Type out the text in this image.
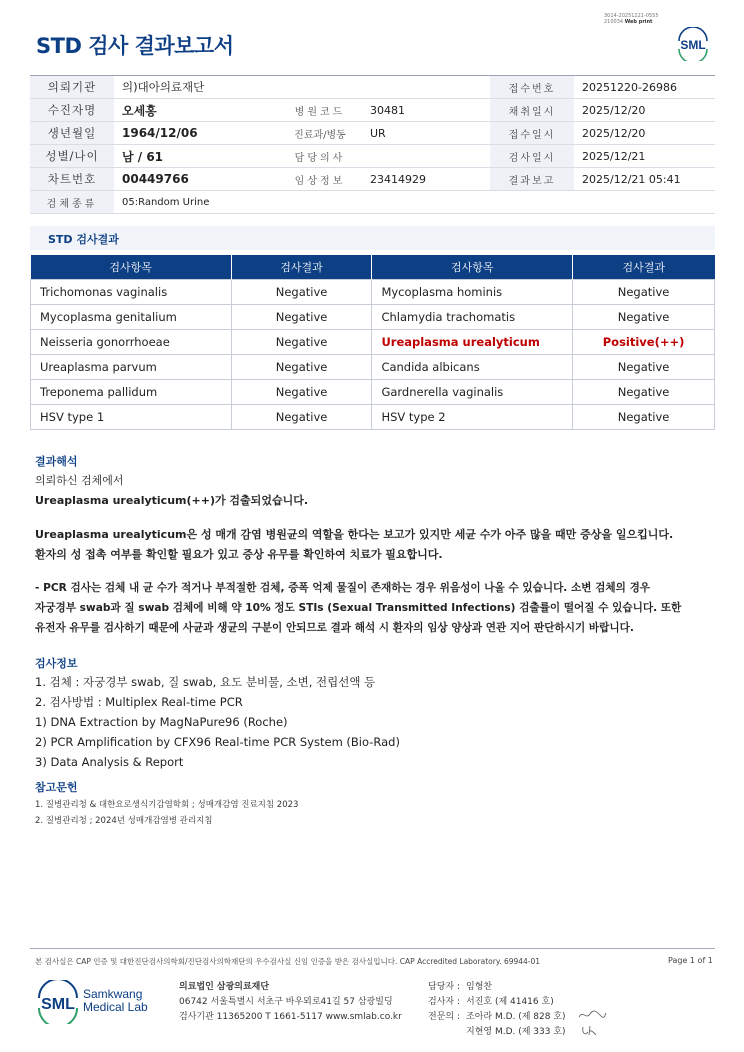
3014-20251221-0555
210034 Web print
STD 검사 결과보고서	SML
의뢰기관	의)대아의료재단			접수번호	20251220-26986
수진자명	오세홍	병원코드	30481	채취일시	2025/12/20
생년월일	1964/12/06	진료과/병동	UR	접수일시	2025/12/20
성별/나이	남 / 61	담당의사		검사일시	2025/12/21
차트번호	00449766	임상정보	23414929	결과보고	2025/12/21 05:41
검체종류	05:Random Urine				
STD 검사결과
검사항목	검사결과	검사항목	검사결과
Trichomonas vaginalis	Negative	Mycoplasma hominis	Negative
Mycoplasma genitalium	Negative	Chlamydia trachomatis	Negative
Neisseria gonorrhoeae	Negative	Ureaplasma urealyticum	Positive(++)
Ureaplasma parvum	Negative	Candida albicans	Negative
Treponema pallidum	Negative	Gardnerella vaginalis	Negative
HSV type 1	Negative	HSV type 2	Negative
결과해석
의뢰하신 검체에서
Ureaplasma urealyticum(++)가 검출되었습니다.
Ureaplasma urealyticum은 성 매개 감염 병원균의 역할을 한다는 보고가 있지만 세균 수가 아주 많을 때만 증상을 일으킵니다.
환자의 성 접촉 여부를 확인할 필요가 있고 증상 유무를 확인하여 치료가 필요합니다.
- PCR 검사는 검체 내 균 수가 적거나 부적절한 검체, 증폭 억제 물질이 존재하는 경우 위음성이 나올 수 있습니다. 소변 검체의 경우
자궁경부 swab과 질 swab 검체에 비해 약 10% 정도 STIs (Sexual Transmitted Infections) 검출률이 떨어질 수 있습니다. 또한
유전자 유무를 검사하기 때문에 사균과 생균의 구분이 안되므로 결과 해석 시 환자의 임상 양상과 연관 지어 판단하시기 바랍니다.
검사정보
1. 검체 : 자궁경부 swab, 질 swab, 요도 분비물, 소변, 전립선액 등
2. 검사방법 : Multiplex Real-time PCR
1) DNA Extraction by MagNaPure96 (Roche)
2) PCR Amplification by CFX96 Real-time PCR System (Bio-Rad)
3) Data Analysis & Report
참고문헌
1. 질병관리청 & 대한요로생식기감염학회 ; 성매개감염 진료지침 2023
2. 질병관리청 ; 2024년 성매개감염병 관리지침
본 검사실은 CAP 인증 및 대한진단검사의학회/진단검사의학재단의 우수검사실 신임 인증을 받은 검사실입니다. CAP Accredited Laboratory. 69944-01	Page 1 of 1
SML
Samkwang
Medical Lab
의료법인 삼광의료재단
06742 서울특별시 서초구 바우뫼로41길 57 삼광빌딩
검사기관 11365200 T 1661-5117 www.smlab.co.kr
담당자 : 임형찬
검사자 : 서진호 (제 41416 호)
전문의 : 조아라 M.D. (제 828 호)
지현영 M.D. (제 333 호)
